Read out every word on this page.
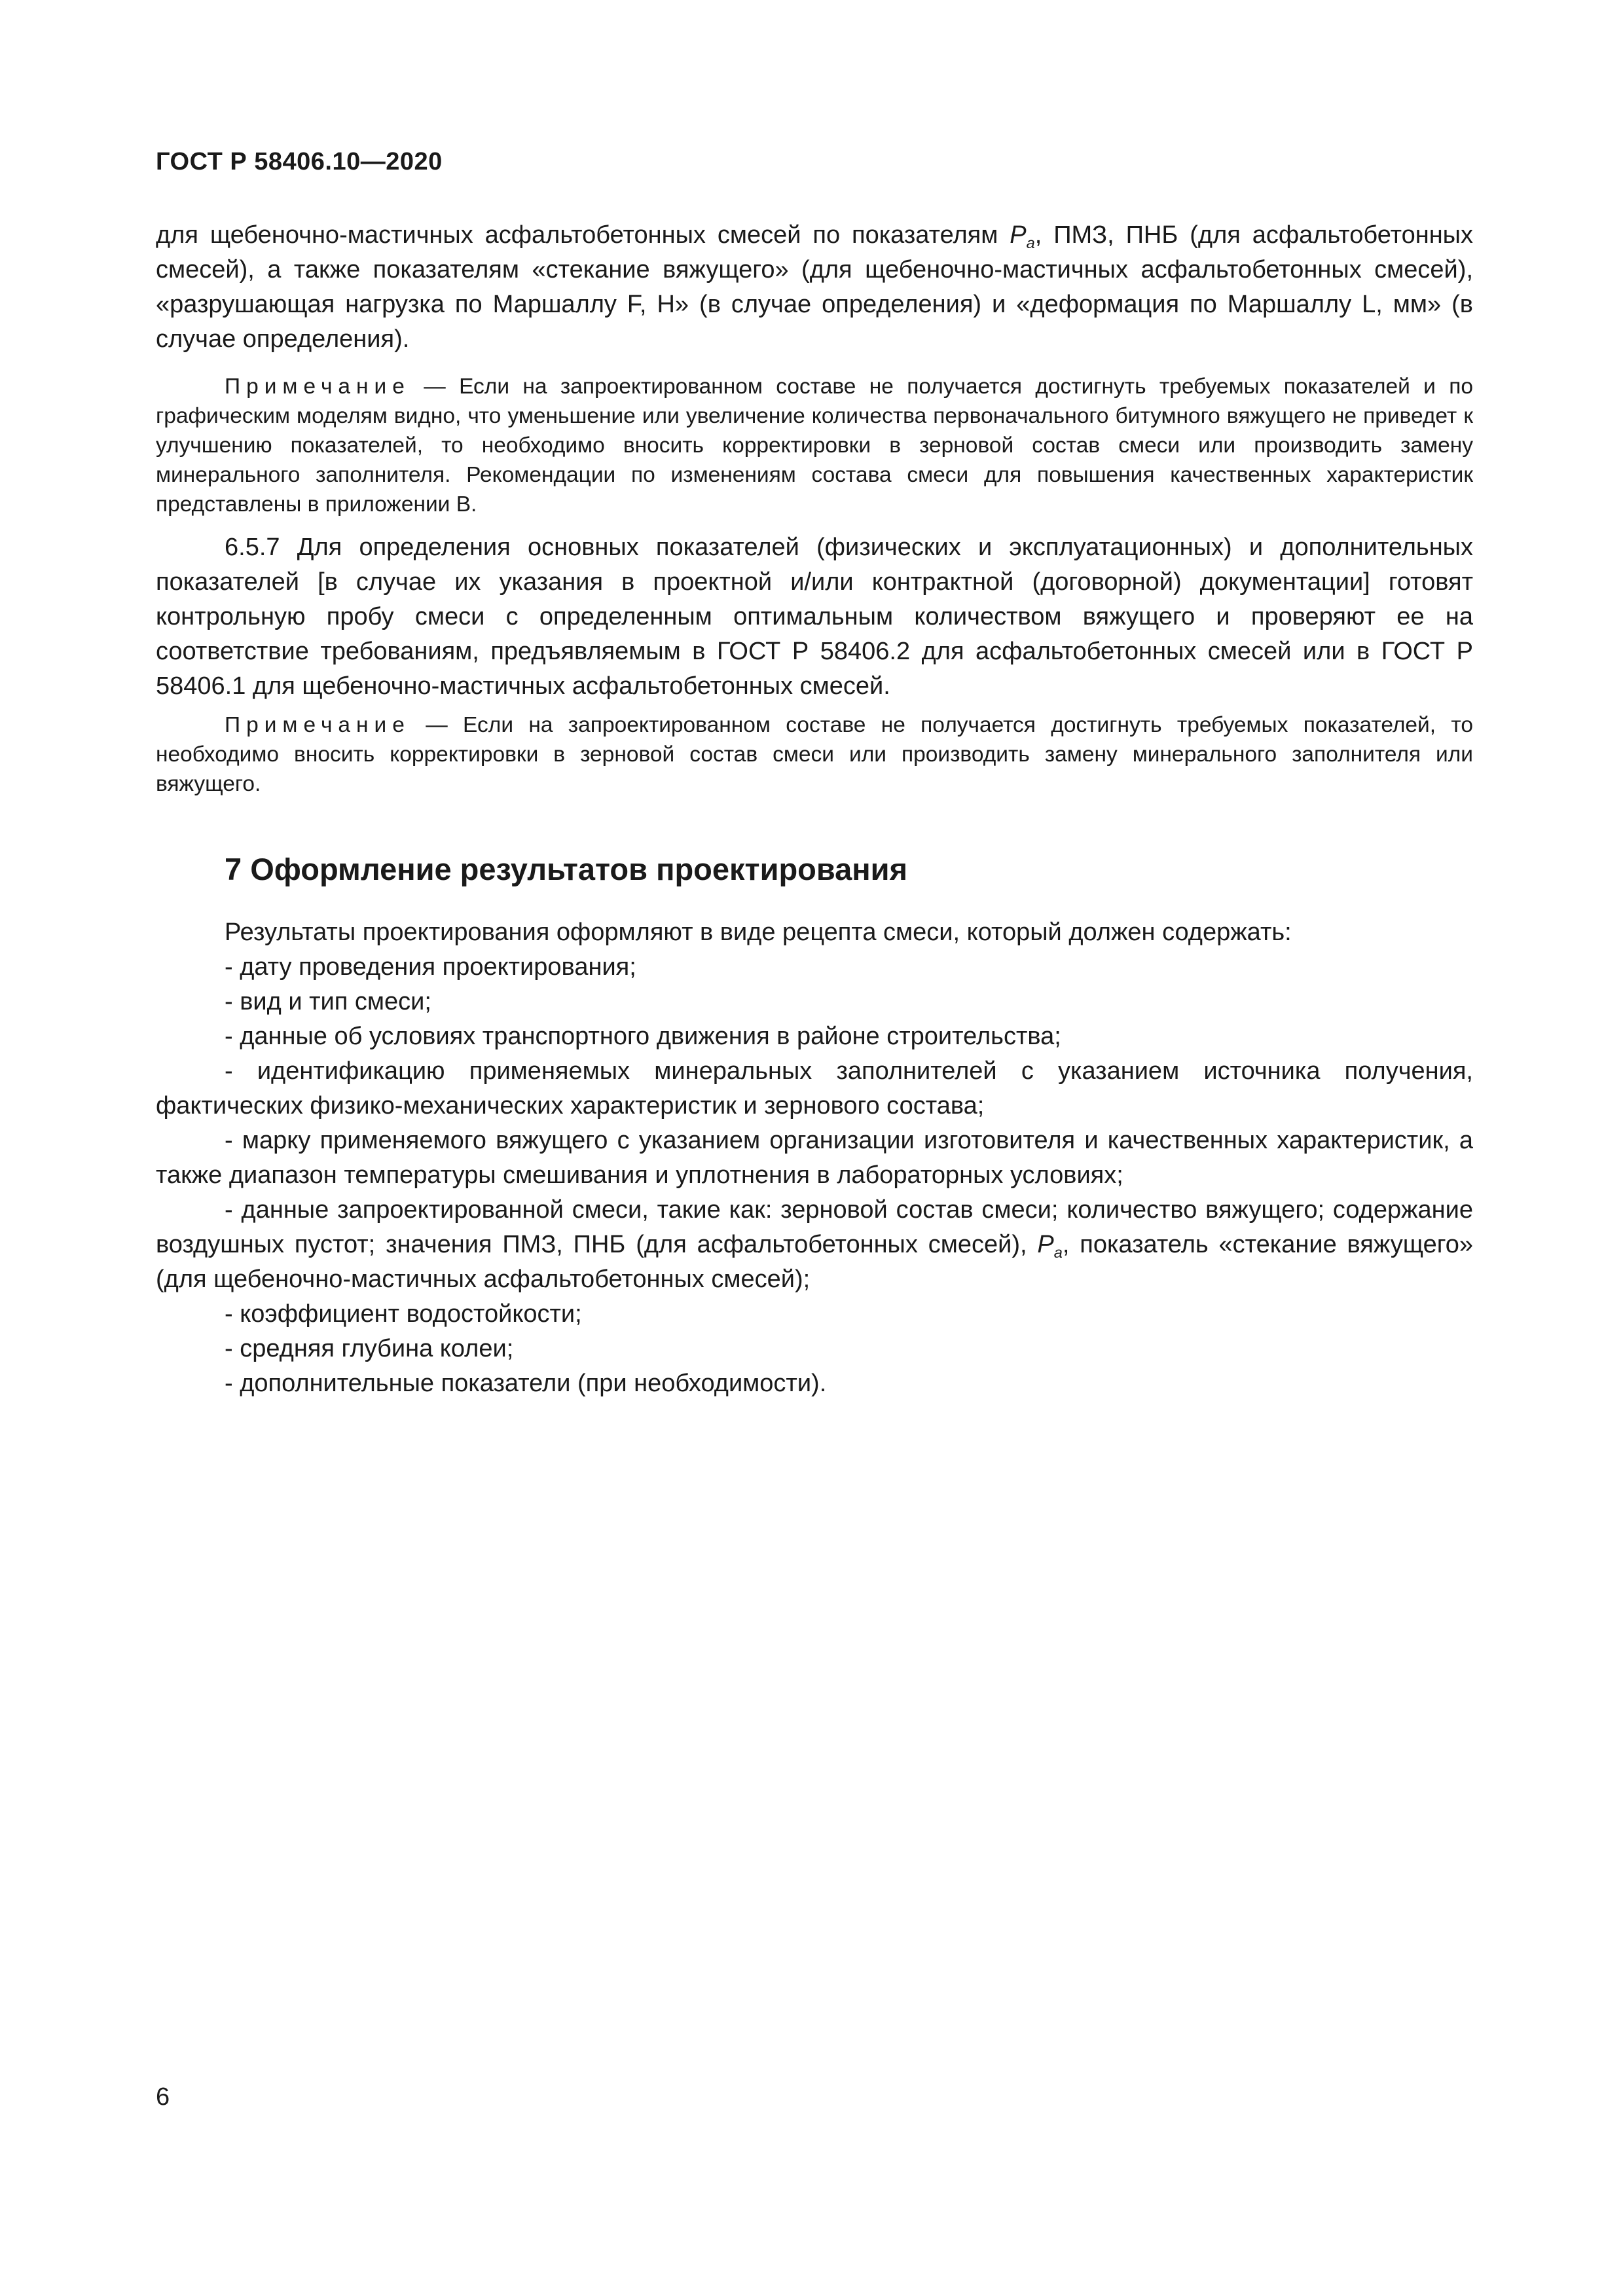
ГОСТ Р 58406.10—2020

для щебеночно-мастичных асфальтобетонных смесей по показателям $P_a$, ПМЗ, ПНБ (для асфальтобетонных смесей), а также показателям «стекание вяжущего» (для щебеночно-мастичных асфальтобетонных смесей), «разрушающая нагрузка по Маршаллу F, Н» (в случае определения) и «деформация по Маршаллу L, мм» (в случае определения).

Примечание — Если на запроектированном составе не получается достигнуть требуемых показателей и по графическим моделям видно, что уменьшение или увеличение количества первоначального битумного вяжущего не приведет к улучшению показателей, то необходимо вносить корректировки в зерновой состав смеси или производить замену минерального заполнителя. Рекомендации по изменениям состава смеси для повышения качественных характеристик представлены в приложении В.

6.5.7 Для определения основных показателей (физических и эксплуатационных) и дополнительных показателей [в случае их указания в проектной и/или контрактной (договорной) документации] готовят контрольную пробу смеси с определенным оптимальным количеством вяжущего и проверяют ее на соответствие требованиям, предъявляемым в ГОСТ Р 58406.2 для асфальтобетонных смесей или в ГОСТ Р 58406.1 для щебеночно-мастичных асфальтобетонных смесей.

Примечание — Если на запроектированном составе не получается достигнуть требуемых показателей, то необходимо вносить корректировки в зерновой состав смеси или производить замену минерального заполнителя или вяжущего.

7 Оформление результатов проектирования

Результаты проектирования оформляют в виде рецепта смеси, который должен содержать:

- дату проведения проектирования;

- вид и тип смеси;

- данные об условиях транспортного движения в районе строительства;

- идентификацию применяемых минеральных заполнителей с указанием источника получения, фактических физико-механических характеристик и зернового состава;

- марку применяемого вяжущего с указанием организации изготовителя и качественных характеристик, а также диапазон температуры смешивания и уплотнения в лабораторных условиях;

- данные запроектированной смеси, такие как: зерновой состав смеси; количество вяжущего; содержание воздушных пустот; значения ПМЗ, ПНБ (для асфальтобетонных смесей), $P_a$, показатель «стекание вяжущего» (для щебеночно-мастичных асфальтобетонных смесей);

- коэффициент водостойкости;

- средняя глубина колеи;

- дополнительные показатели (при необходимости).

6
